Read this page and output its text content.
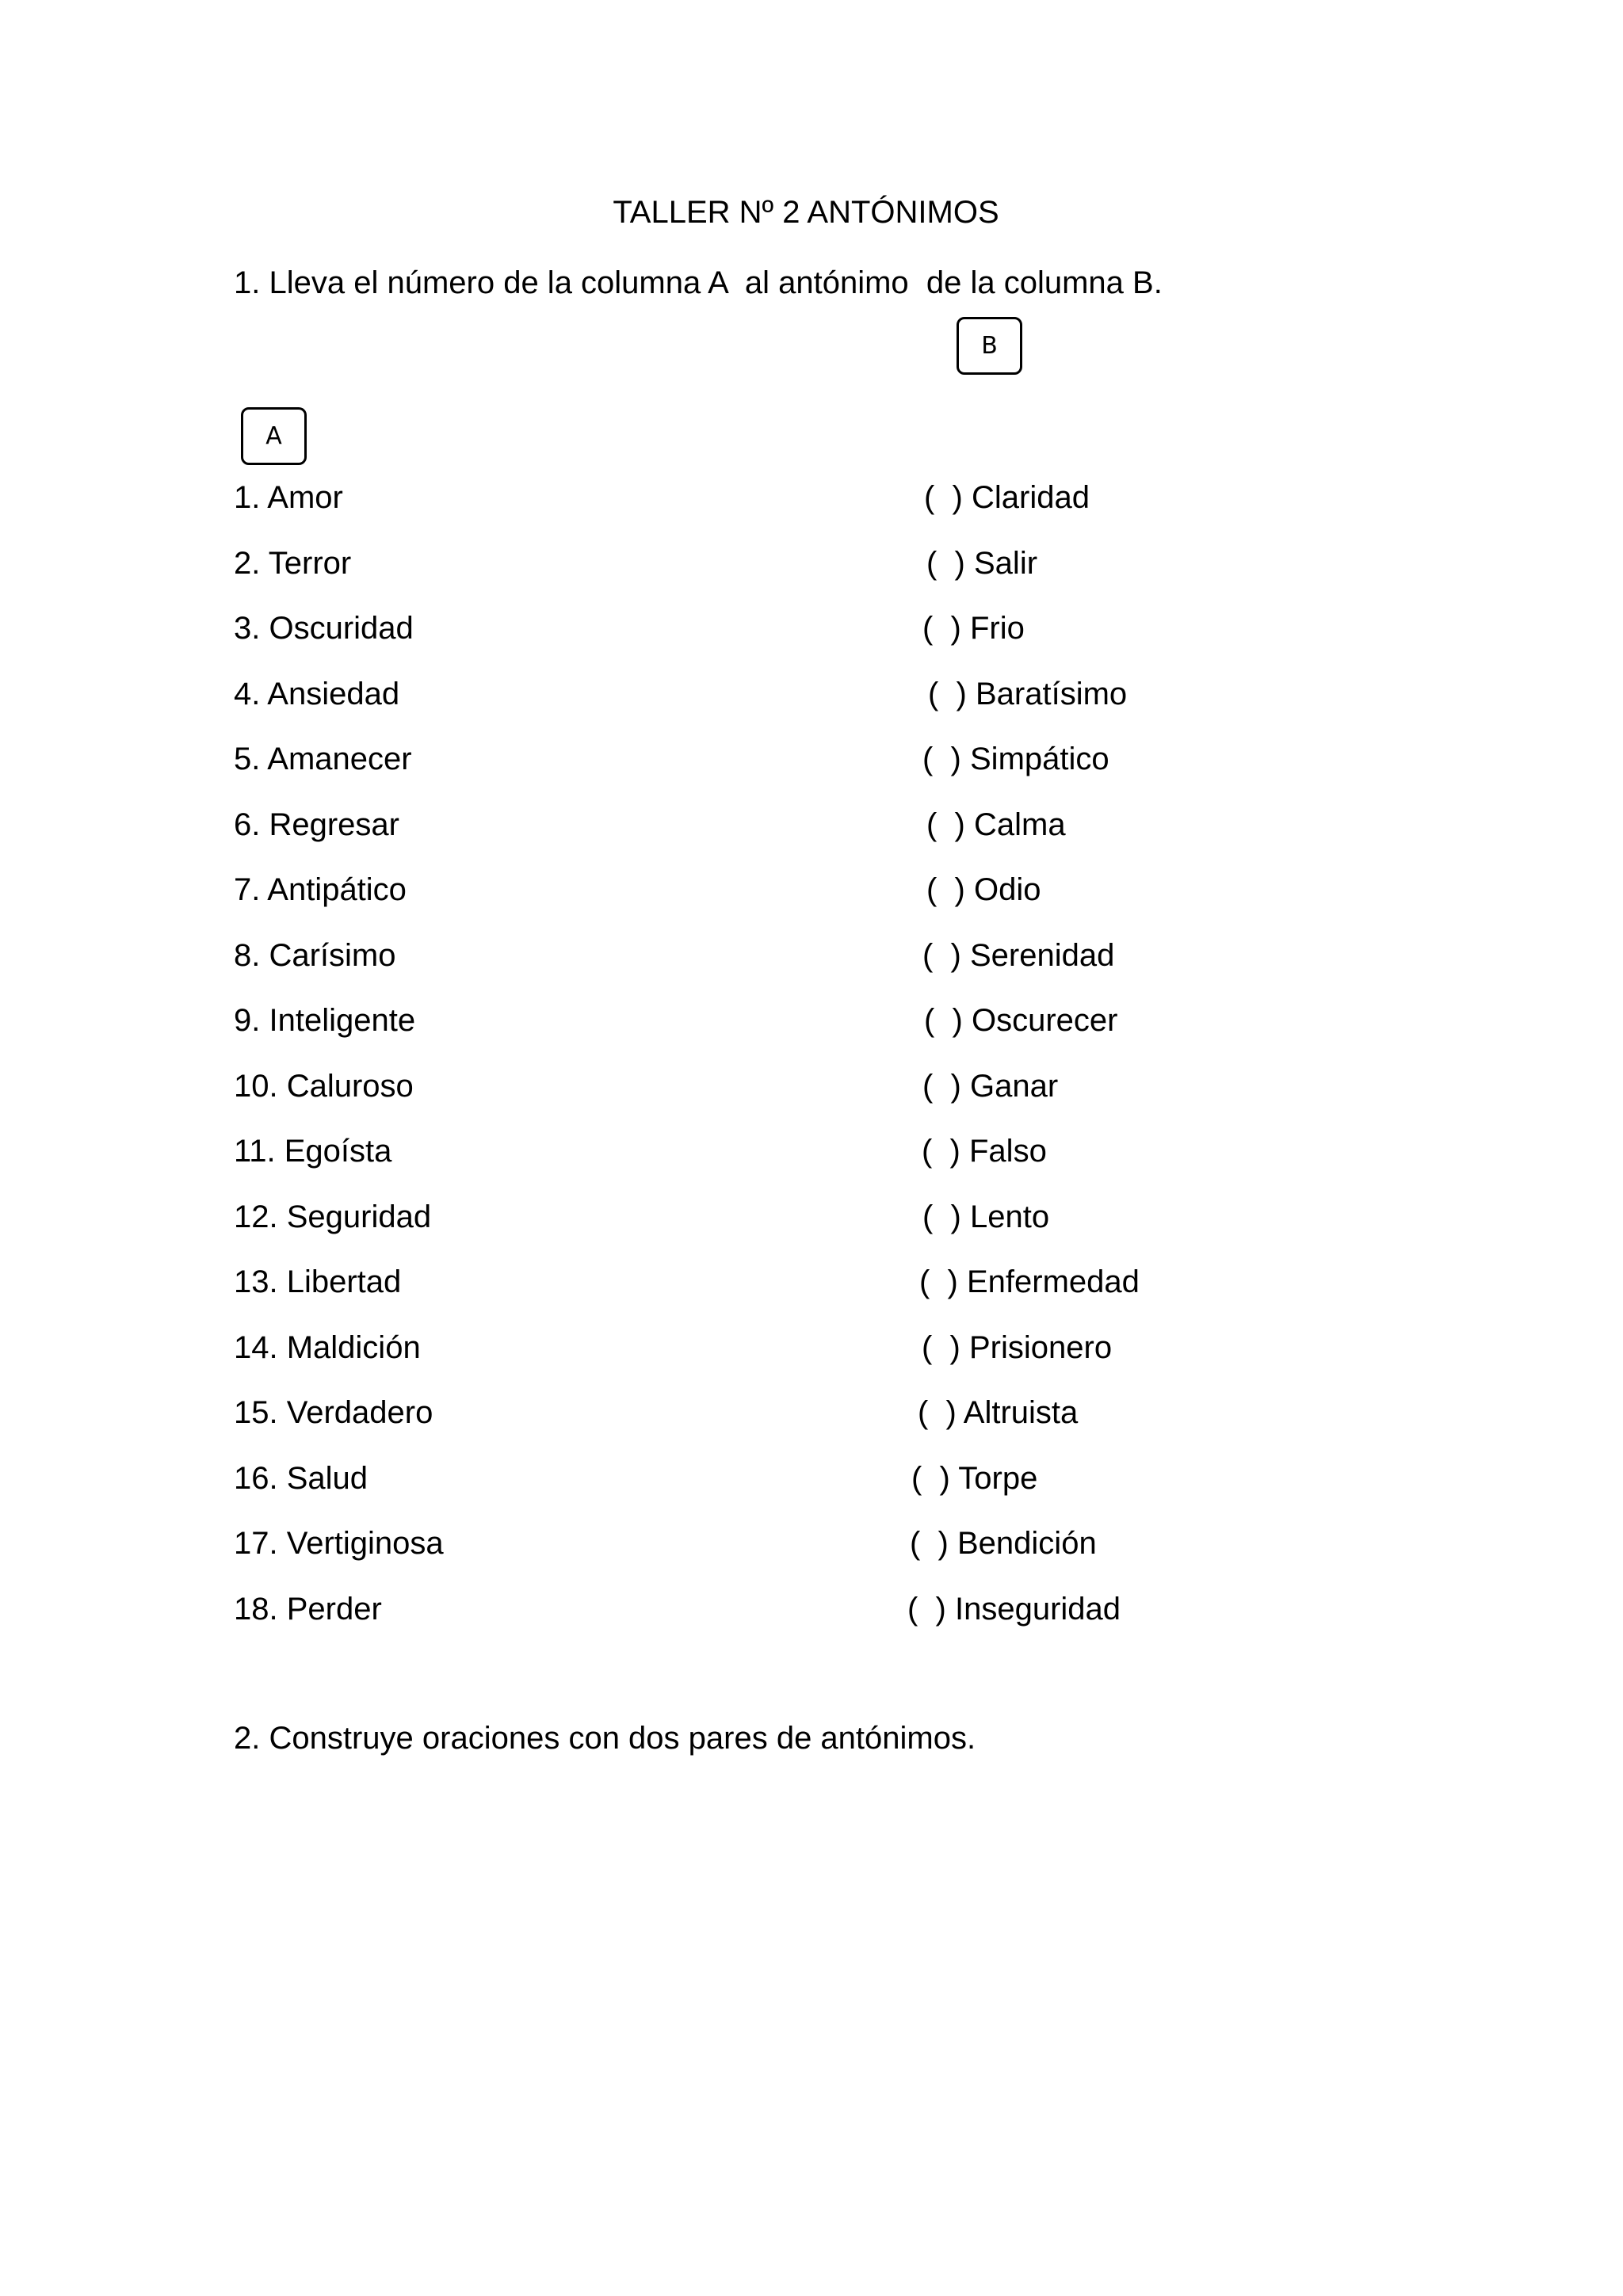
TALLER Nº 2 ANTÓNIMOS
1. Lleva el número de la columna A  al antónimo  de la columna B.
B
A
1. Amor
2. Terror
3. Oscuridad
4. Ansiedad
5. Amanecer
6. Regresar
7. Antipático
8. Carísimo
9. Inteligente
10. Caluroso
11. Egoísta
12. Seguridad
13. Libertad
14. Maldición
15. Verdadero
16. Salud
17. Vertiginosa
18. Perder
(  ) Claridad
(  ) Salir
(  ) Frio
(  ) Baratísimo
(  ) Simpático
(  ) Calma
(  ) Odio
(  ) Serenidad
(  ) Oscurecer
(  ) Ganar
(  ) Falso
(  ) Lento
(  ) Enfermedad
(  ) Prisionero
(  ) Altruista
(  ) Torpe
(  ) Bendición
(  ) Inseguridad
2. Construye oraciones con dos pares de antónimos.
